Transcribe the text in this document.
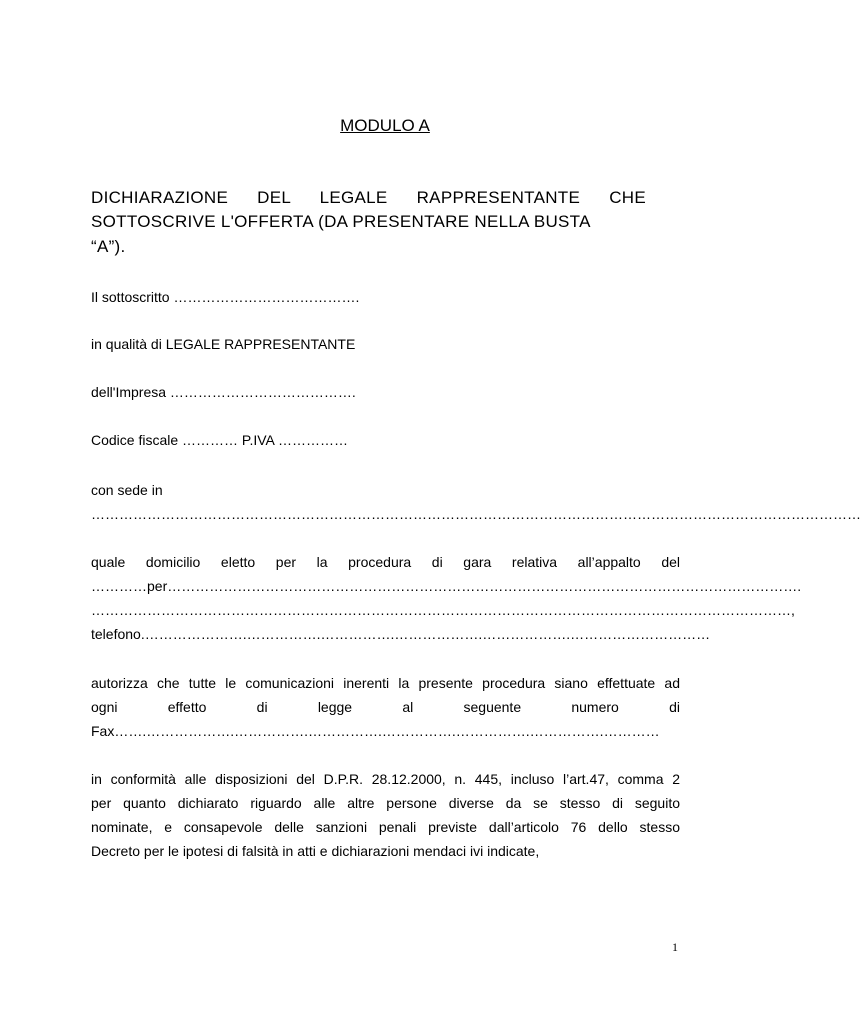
MODULO A
DICHIARAZIONE DEL LEGALE RAPPRESENTANTE CHE
SOTTOSCRIVE L'OFFERTA (DA PRESENTARE NELLA BUSTA
“A”).
Il sottoscritto ………………………………….
in qualità di LEGALE RAPPRESENTANTE
dell'Impresa ………………………………….
Codice fiscale ………… P.IVA ……………
con sede in
…………………………………………………………………………………………………………………………………………………
quale domicilio eletto per la procedura di gara relativa all’appalto del
…………per……………………………………………………………………………………………………………………….
……………………………………………………………………………………………………………………………………,
telefono.………………….…………….…………….……………….……………….…………………………
autorizza che tutte le comunicazioni inerenti la presente procedura siano effettuate ad
ogni effetto di legge al seguente numero di
Fax…….……………….…………….…………….…………….…………….…………….…………
in conformità alle disposizioni del D.P.R. 28.12.2000, n. 445, incluso l’art.47, comma 2
per quanto dichiarato riguardo alle altre persone diverse da se stesso di seguito
nominate, e consapevole delle sanzioni penali previste dall’articolo 76 dello stesso
Decreto per le ipotesi di falsità in atti e dichiarazioni mendaci ivi indicate,
1
